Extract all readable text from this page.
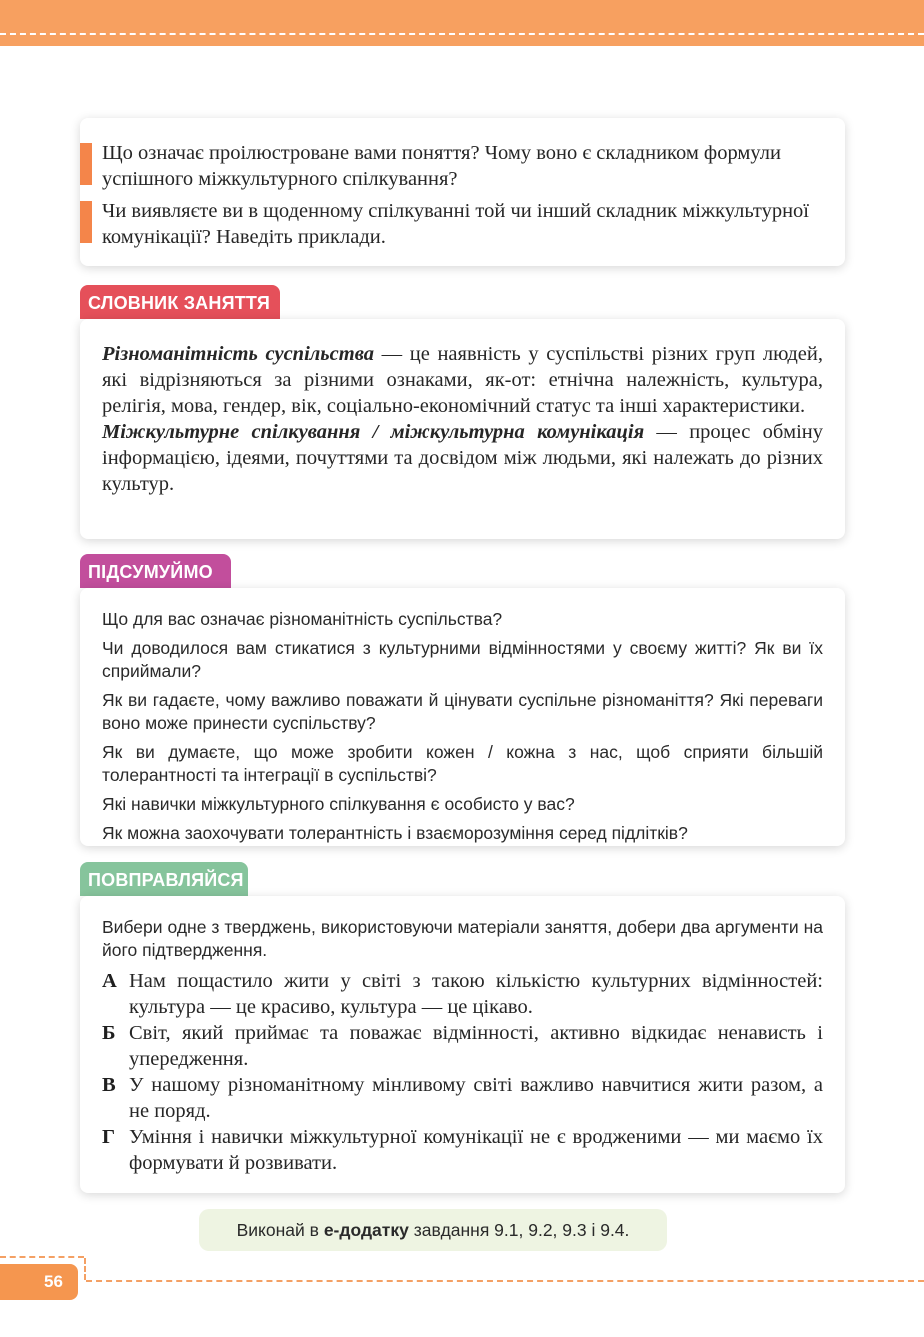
Що означає проілюстроване вами поняття? Чому воно є складником формули успішного міжкультурного спілкування?

Чи виявляєте ви в щоденному спілкуванні той чи інший складник міжкультурної комунікації? Наведіть приклади.

СЛОВНИК ЗАНЯТТЯ

Різноманітність суспільства — це наявність у суспільстві різних груп людей, які відрізняються за різними ознаками, як-от: етнічна належність, культура, релігія, мова, гендер, вік, соціально-економічний статус та інші характеристики.

Міжкультурне спілкування / міжкультурна комунікація — процес обміну інформацією, ідеями, почуттями та досвідом між людьми, які належать до різних культур.

ПІДСУМУЙМО

Що для вас означає різноманітність суспільства?

Чи доводилося вам стикатися з культурними відмінностями у своєму житті? Як ви їх сприймали?

Як ви гадаєте, чому важливо поважати й цінувати суспільне різноманіття? Які переваги воно може принести суспільству?

Як ви думаєте, що може зробити кожен / кожна з нас, щоб сприяти більшій толерантності та інтеграції в суспільстві?

Які навички міжкультурного спілкування є особисто у вас?

Як можна заохочувати толерантність і взаєморозуміння серед підлітків?

ПОВПРАВЛЯЙСЯ

Вибери одне з тверджень, використовуючи матеріали заняття, добери два аргументи на його підтвердження.

А Нам пощастило жити у світі з такою кількістю культурних відмінностей: культура — це красиво, культура — це цікаво.
Б Світ, який приймає та поважає відмінності, активно відкидає ненависть і упередження.
В У нашому різноманітному мінливому світі важливо навчитися жити разом, а не поряд.
Г Уміння і навички міжкультурної комунікації не є вродженими — ми маємо їх формувати й розвивати.
Виконай в е-додатку завдання 9.1, 9.2, 9.3 і 9.4.
56
